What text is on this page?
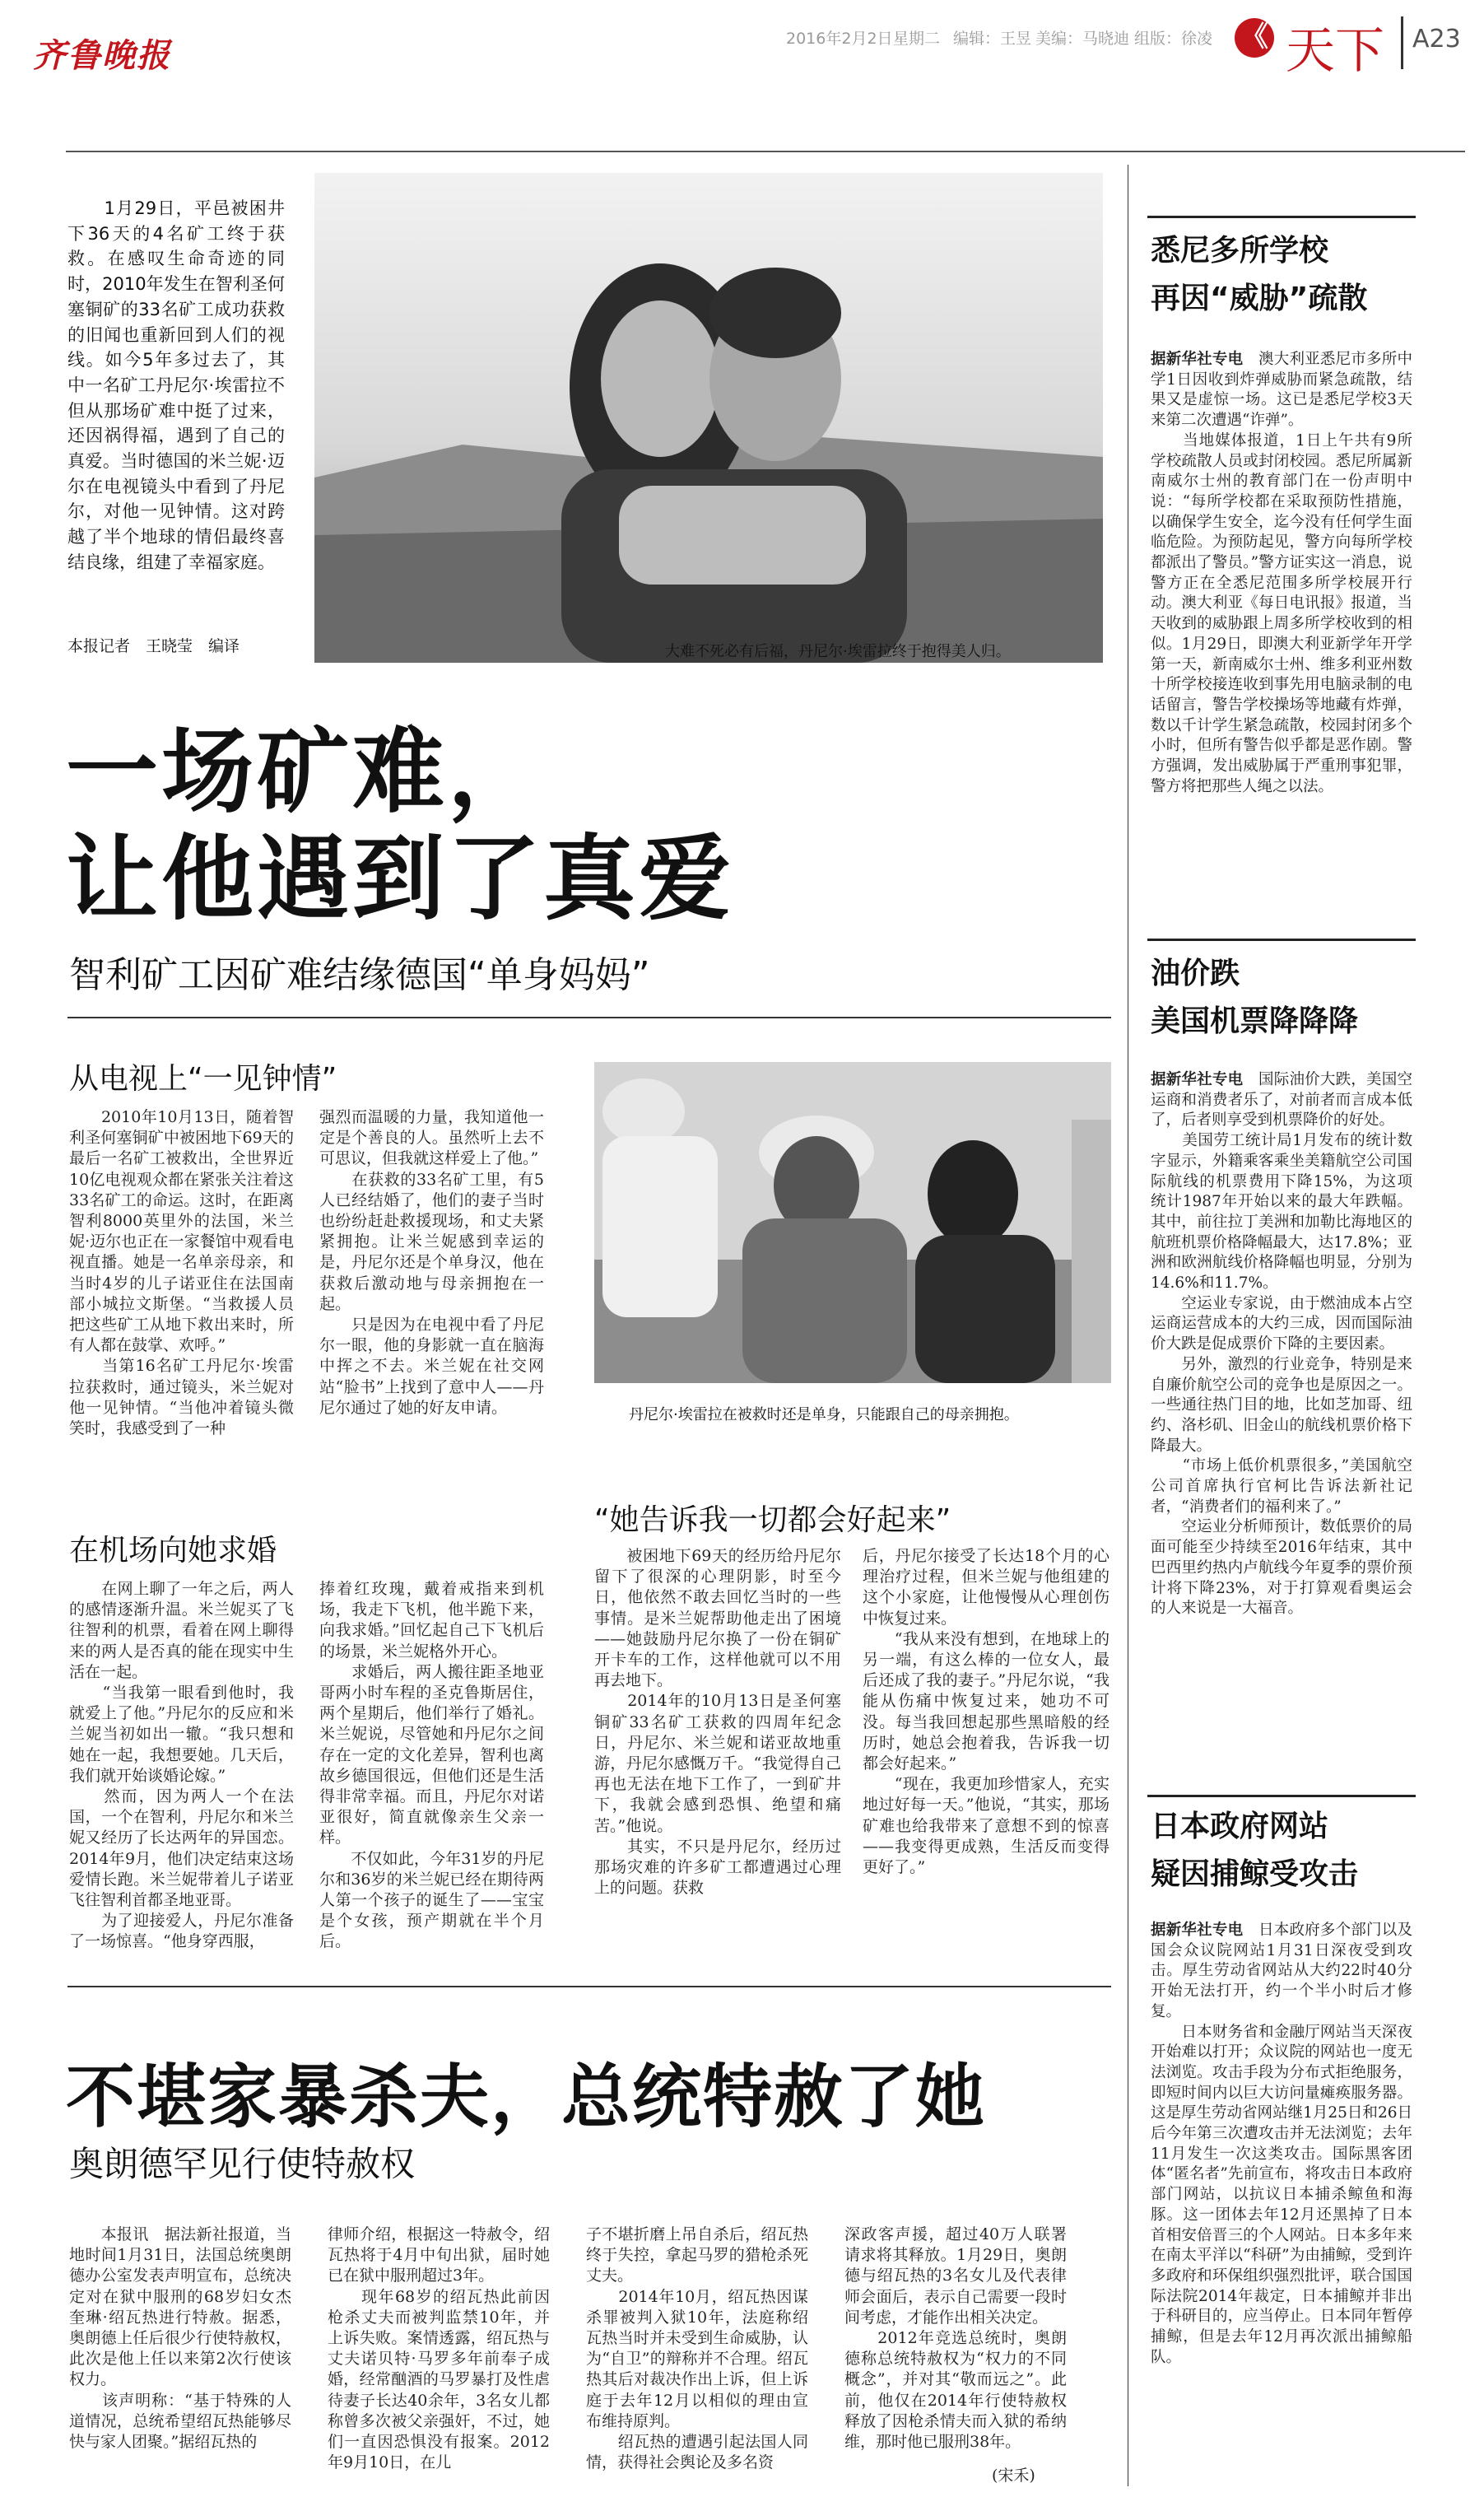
齐鲁晚报	2016年2月2日 星期二 编辑：王昱 美编：马晓迪 组版：徐凌 《 天下 A23
　　1月29日，平邑被困井下36天的4名矿工终于获救。在感叹生命奇迹的同时，2010年发生在智利圣何塞铜矿的33名矿工成功获救的旧闻也重新回到人们的视线。如今5年多过去了，其中一名矿工丹尼尔·埃雷拉不但从那场矿难中挺了过来，还因祸得福，遇到了自己的真爱。当时德国的米兰妮·迈尔在电视镜头中看到了丹尼尔，对他一见钟情。这对跨越了半个地球的情侣最终喜结良缘，组建了幸福家庭。
本报记者　王晓莹　编译	大难不死必有后福，丹尼尔·埃雷拉终于抱得美人归。
一场矿难，
让他遇到了真爱
智利矿工因矿难结缘德国“单身妈妈”
从电视上“一见钟情”
　　2010年10月13日，随着智利圣何塞铜矿中被困地下69天的最后一名矿工被救出，全世界近10亿电视观众都在紧张关注着这33名矿工的命运。这时，在距离智利8000英里外的法国，米兰妮·迈尔也正在一家餐馆中观看电视直播。她是一名单亲母亲，和当时4岁的儿子诺亚住在法国南部小城拉文斯堡。“当救援人员把这些矿工从地下救出来时，所有人都在鼓掌、欢呼。”
　　当第16名矿工丹尼尔·埃雷拉获救时，通过镜头，米兰妮对他一见钟情。“当他冲着镜头微笑时，我感受到了一种
强烈而温暖的力量，我知道他一定是个善良的人。虽然听上去不可思议，但我就这样爱上了他。”
　　在获救的33名矿工里，有5人已经结婚了，他们的妻子当时也纷纷赶赴救援现场，和丈夫紧紧拥抱。让米兰妮感到幸运的是，丹尼尔还是个单身汉，他在获救后激动地与母亲拥抱在一起。
　　只是因为在电视中看了丹尼尔一眼，他的身影就一直在脑海中挥之不去。米兰妮在社交网站“脸书”上找到了意中人——丹尼尔通过了她的好友申请。	丹尼尔·埃雷拉在被救时还是单身，只能跟自己的母亲拥抱。
在机场向她求婚
　　在网上聊了一年之后，两人的感情逐渐升温。米兰妮买了飞往智利的机票，看着在网上聊得来的两人是否真的能在现实中生活在一起。
　　“当我第一眼看到他时，我就爱上了他。”丹尼尔的反应和米兰妮当初如出一辙。“我只想和她在一起，我想要她。几天后，我们就开始谈婚论嫁。”
　　然而，因为两人一个在法国，一个在智利，丹尼尔和米兰妮又经历了长达两年的异国恋。2014年9月，他们决定结束这场爱情长跑。米兰妮带着儿子诺亚飞往智利首都圣地亚哥。
　　为了迎接爱人，丹尼尔准备了一场惊喜。“他身穿西服，
捧着红玫瑰，戴着戒指来到机场，我走下飞机，他半跪下来，向我求婚。”回忆起自己下飞机后的场景，米兰妮格外开心。
　　求婚后，两人搬往距圣地亚哥两小时车程的圣克鲁斯居住，两个星期后，他们举行了婚礼。米兰妮说，尽管她和丹尼尔之间存在一定的文化差异，智利也离故乡德国很远，但他们还是生活得非常幸福。而且，丹尼尔对诺亚很好，简直就像亲生父亲一样。
　　不仅如此，今年31岁的丹尼尔和36岁的米兰妮已经在期待两人第一个孩子的诞生了——宝宝是个女孩，预产期就在半个月后。
“她告诉我一切都会好起来”
　　被困地下69天的经历给丹尼尔留下了很深的心理阴影，时至今日，他依然不敢去回忆当时的一些事情。是米兰妮帮助他走出了困境——她鼓励丹尼尔换了一份在铜矿开卡车的工作，这样他就可以不用再去地下。
　　2014年的10月13日是圣何塞铜矿33名矿工获救的四周年纪念日，丹尼尔、米兰妮和诺亚故地重游，丹尼尔感慨万千。“我觉得自己再也无法在地下工作了，一到矿井下，我就会感到恐惧、绝望和痛苦。”他说。
　　其实，不只是丹尼尔，经历过那场灾难的许多矿工都遭遇过心理上的问题。获救
后，丹尼尔接受了长达18个月的心理治疗过程，但米兰妮与他组建的这个小家庭，让他慢慢从心理创伤中恢复过来。
　　“我从来没有想到，在地球上的另一端，有这么棒的一位女人，最后还成了我的妻子。”丹尼尔说，“我能从伤痛中恢复过来，她功不可没。每当我回想起那些黑暗般的经历时，她总会抱着我，告诉我一切都会好起来。”
　　“现在，我更加珍惜家人，充实地过好每一天。”他说，“其实，那场矿难也给我带来了意想不到的惊喜——我变得更成熟，生活反而变得更好了。”
不堪家暴杀夫，总统特赦了她
奥朗德罕见行使特赦权
　　本报讯　据法新社报道，当地时间1月31日，法国总统奥朗德办公室发表声明宣布，总统决定对在狱中服刑的68岁妇女杰奎琳·绍瓦热进行特赦。据悉，奥朗德上任后很少行使特赦权，此次是他上任以来第2次行使该权力。
　　该声明称：“基于特殊的人道情况，总统希望绍瓦热能够尽快与家人团聚。”据绍瓦热的
律师介绍，根据这一特赦令，绍瓦热将于4月中旬出狱，届时她已在狱中服刑超过3年。
　　现年68岁的绍瓦热此前因枪杀丈夫而被判监禁10年，并上诉失败。案情透露，绍瓦热与丈夫诺贝特·马罗多年前奉子成婚，经常酗酒的马罗暴打及性虐待妻子长达40余年，3名女儿都称曾多次被父亲强奸，不过，她们一直因恐惧没有报案。2012年9月10日，在儿
子不堪折磨上吊自杀后，绍瓦热终于失控，拿起马罗的猎枪杀死丈夫。
　　2014年10月，绍瓦热因谋杀罪被判入狱10年，法庭称绍瓦热当时并未受到生命威胁，认为“自卫”的辩称并不合理。绍瓦热其后对裁决作出上诉，但上诉庭于去年12月以相似的理由宣布维持原判。
　　绍瓦热的遭遇引起法国人同情，获得社会舆论及多名资
深政客声援，超过40万人联署请求将其释放。1月29日，奥朗德与绍瓦热的3名女儿及代表律师会面后，表示自己需要一段时间考虑，才能作出相关决定。
　　2012年竞选总统时，奥朗德称总统特赦权为“权力的不同概念”，并对其“敬而远之”。此前，他仅在2014年行使特赦权释放了因枪杀情夫而入狱的希纳维，那时他已服刑38年。
(宋禾)
悉尼多所学校
再因“威胁”疏散
据新华社专电　 澳大利亚悉尼市多所中学1日因收到炸弹威胁而紧急疏散，结果又是虚惊一场。这已是悉尼学校3天来第二次遭遇“诈弹”。
　　当地媒体报道，1日上午共有9所学校疏散人员或封闭校园。悉尼所属新南威尔士州的教育部门在一份声明中说：“每所学校都在采取预防性措施，以确保学生安全，迄今没有任何学生面临危险。为预防起见，警方向每所学校都派出了警员。”警方证实这一消息，说警方正在全悉尼范围多所学校展开行动。澳大利亚《每日电讯报》报道，当天收到的威胁跟上周多所学校收到的相似。1月29日，即澳大利亚新学年开学第一天，新南威尔士州、维多利亚州数十所学校接连收到事先用电脑录制的电话留言，警告学校操场等地藏有炸弹，数以千计学生紧急疏散，校园封闭多个小时，但所有警告似乎都是恶作剧。警方强调，发出威胁属于严重刑事犯罪，警方将把那些人绳之以法。
油价跌
美国机票降降降
据新华社专电　 国际油价大跌，美国空运商和消费者乐了，对前者而言成本低了，后者则享受到机票降价的好处。
　　美国劳工统计局1月发布的统计数字显示，外籍乘客乘坐美籍航空公司国际航线的机票费用下降15%，为这项统计1987年开始以来的最大年跌幅。其中，前往拉丁美洲和加勒比海地区的航班机票价格降幅最大，达17.8%；亚洲和欧洲航线价格降幅也明显，分别为14.6%和11.7%。
　　空运业专家说，由于燃油成本占空运商运营成本的大约三成，因而国际油价大跌是促成票价下降的主要因素。
　　另外，激烈的行业竞争，特别是来自廉价航空公司的竞争也是原因之一。一些通往热门目的地，比如芝加哥、纽约、洛杉矶、旧金山的航线机票价格下降最大。
　　“市场上低价机票很多，”美国航空公司首席执行官柯比告诉法新社记者，“消费者们的福利来了。”
　　空运业分析师预计，数低票价的局面可能至少持续至2016年结束，其中巴西里约热内卢航线今年夏季的票价预计将下降23%，对于打算观看奥运会的人来说是一大福音。
日本政府网站
疑因捕鲸受攻击
据新华社专电　 日本政府多个部门以及国会众议院网站1月31日深夜受到攻击。厚生劳动省网站从大约22时40分开始无法打开，约一个半小时后才修复。
　　日本财务省和金融厅网站当天深夜开始难以打开；众议院的网站也一度无法浏览。攻击手段为分布式拒绝服务，即短时间内以巨大访问量瘫痪服务器。这是厚生劳动省网站继1月25日和26日后今年第三次遭攻击并无法浏览；去年11月发生一次这类攻击。国际黑客团体“匿名者”先前宣布，将攻击日本政府部门网站，以抗议日本捕杀鲸鱼和海豚。这一团体去年12月还黑掉了日本首相安倍晋三的个人网站。日本多年来在南太平洋以“科研”为由捕鲸，受到许多政府和环保组织强烈批评，联合国国际法院2014年裁定，日本捕鲸并非出于科研目的，应当停止。日本同年暂停捕鲸，但是去年12月再次派出捕鲸船队。
